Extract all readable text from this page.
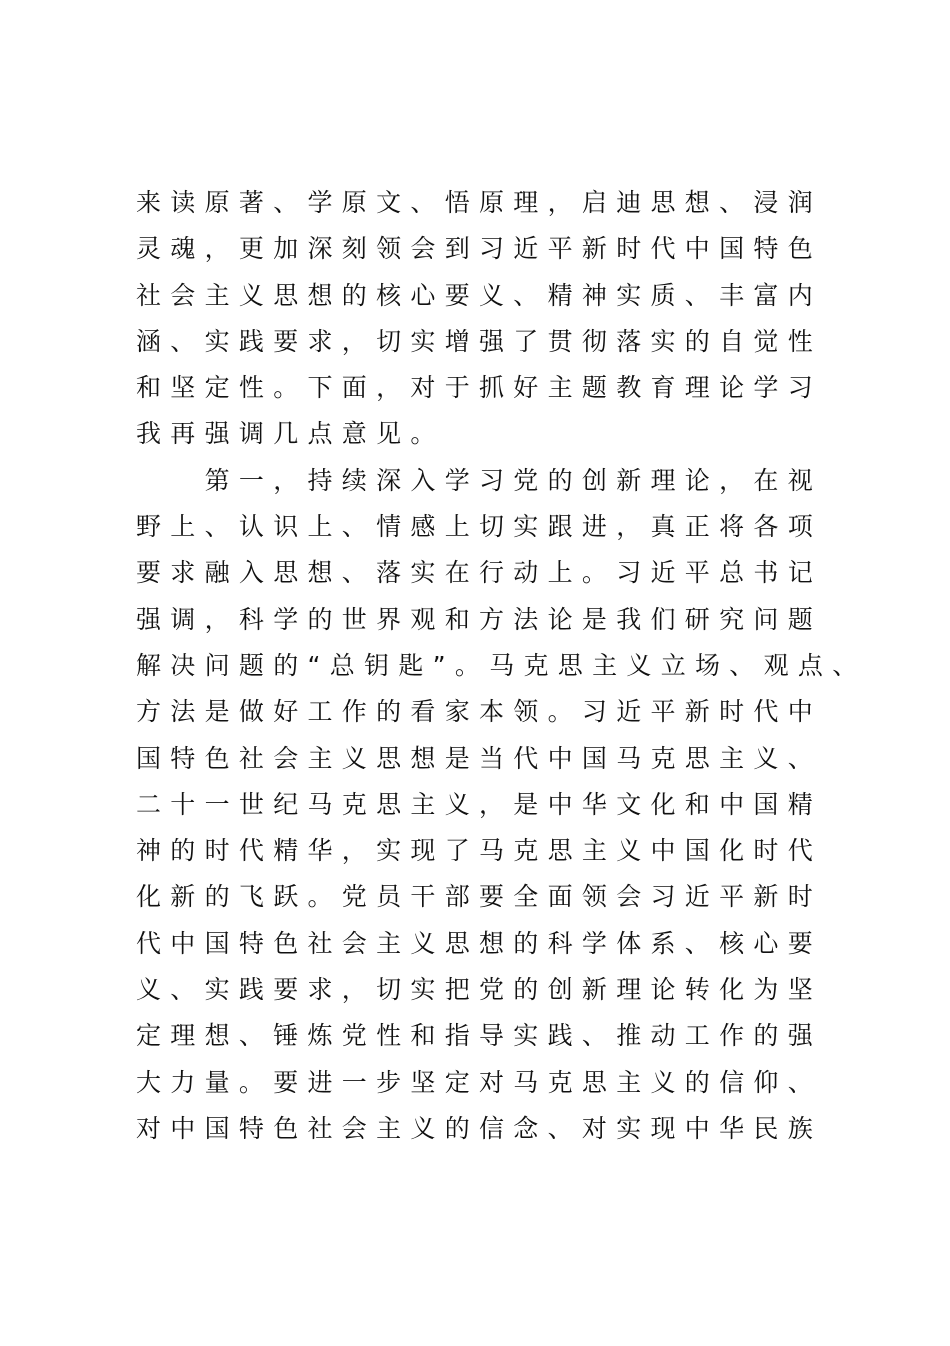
来读原著、学原文、悟原理，启迪思想、浸润
灵魂，更加深刻领会到习近平新时代中国特色
社会主义思想的核心要义、精神实质、丰富内
涵、实践要求，切实增强了贯彻落实的自觉性
和坚定性。下面，对于抓好主题教育理论学习
我再强调几点意见。
　　第一，持续深入学习党的创新理论，在视
野上、认识上、情感上切实跟进，真正将各项
要求融入思想、落实在行动上。习近平总书记
强调，科学的世界观和方法论是我们研究问题
解决问题的“总钥匙”。马克思主义立场、观点、
方法是做好工作的看家本领。习近平新时代中
国特色社会主义思想是当代中国马克思主义、
二十一世纪马克思主义，是中华文化和中国精
神的时代精华，实现了马克思主义中国化时代
化新的飞跃。党员干部要全面领会习近平新时
代中国特色社会主义思想的科学体系、核心要
义、实践要求，切实把党的创新理论转化为坚
定理想、锤炼党性和指导实践、推动工作的强
大力量。要进一步坚定对马克思主义的信仰、
对中国特色社会主义的信念、对实现中华民族
